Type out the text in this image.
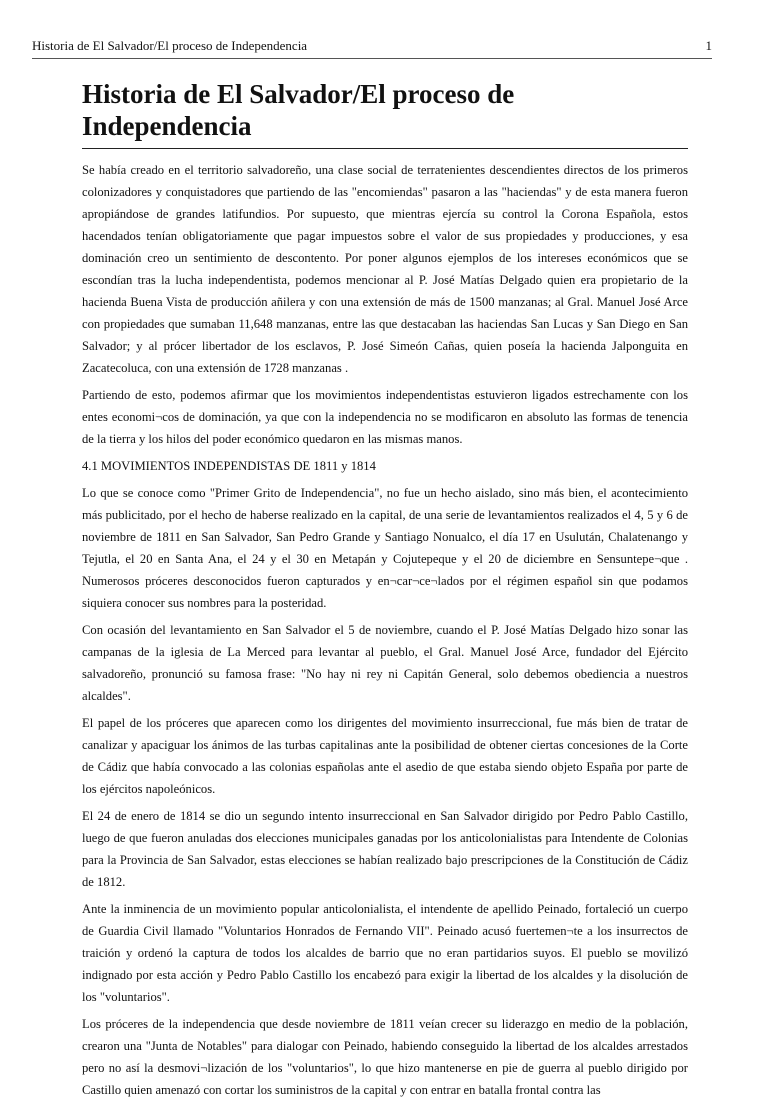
Historia de El Salvador/El proceso de Independencia	1
Historia de El Salvador/El proceso de Independencia

Se había creado en el territorio salvadoreño, una clase social de terratenientes descendientes directos de los primeros colonizadores y conquistadores que partiendo de las "encomiendas" pasaron a las "haciendas" y de esta manera fueron apropiándose de grandes latifundios. Por supuesto, que mientras ejercía su control la Corona Española, estos hacendados tenían obligatoriamente que pagar impuestos sobre el valor de sus propiedades y producciones, y esa dominación creo un sentimiento de descontento. Por poner algunos ejemplos de los intereses económicos que se escondían tras la lucha independentista, podemos mencionar al P. José Matías Delgado quien era propietario de la hacienda Buena Vista de producción añilera y con una extensión de más de 1500 manzanas; al Gral. Manuel José Arce con propiedades que sumaban 11,648 manzanas, entre las que destacaban las haciendas San Lucas y San Diego en San Salvador; y al prócer libertador de los esclavos, P. José Simeón Cañas, quien poseía la hacienda Jalponguita en Zacatecoluca, con una extensión de 1728 manzanas .

Partiendo de esto, podemos afirmar que los movimientos independentistas estuvieron ligados estrechamente con los entes economi¬cos de dominación, ya que con la independencia no se modificaron en absoluto las formas de tenencia de la tierra y los hilos del poder económico quedaron en las mismas manos.

4.1 MOVIMIENTOS INDEPENDISTAS DE 1811 y 1814

Lo que se conoce como "Primer Grito de Independencia", no fue un hecho aislado, sino más bien, el acontecimiento más publicitado, por el hecho de haberse realizado en la capital, de una serie de levantamientos realizados el 4, 5 y 6 de noviembre de 1811 en San Salvador, San Pedro Grande y Santiago Nonualco, el día 17 en Usulután, Chalatenango y Tejutla, el 20 en Santa Ana, el 24 y el 30 en Metapán y Cojutepeque y el 20 de diciembre en Sensuntepe¬que . Numerosos próceres desconocidos fueron capturados y en¬car¬ce¬lados por el régimen español sin que podamos siquiera conocer sus nombres para la posteridad.

Con ocasión del levantamiento en San Salvador el 5 de noviembre, cuando el P. José Matías Delgado hizo sonar las campanas de la iglesia de La Merced para levantar al pueblo, el Gral. Manuel José Arce, fundador del Ejército salvadoreño, pronunció su famosa frase: "No hay ni rey ni Capitán General, solo debemos obediencia a nuestros alcaldes".

El papel de los próceres que aparecen como los dirigentes del movimiento insurreccional, fue más bien de tratar de canalizar y apaciguar los ánimos de las turbas capitalinas ante la posibilidad de obtener ciertas concesiones de la Corte de Cádiz que había convocado a las colonias españolas ante el asedio de que estaba siendo objeto España por parte de los ejércitos napoleónicos.

El 24 de enero de 1814 se dio un segundo intento insurreccional en San Salvador dirigido por Pedro Pablo Castillo, luego de que fueron anuladas dos elecciones municipales ganadas por los anticolonialistas para Intendente de Colonias para la Provincia de San Salvador, estas elecciones se habían realizado bajo prescripciones de la Constitución de Cádiz de 1812.

Ante la inminencia de un movimiento popular anticolonialista, el intendente de apellido Peinado, fortaleció un cuerpo de Guardia Civil llamado "Voluntarios Honrados de Fernando VII". Peinado acusó fuertemen¬te a los insurrectos de traición y ordenó la captura de todos los alcaldes de barrio que no eran partidarios suyos. El pueblo se movilizó indignado por esta acción y Pedro Pablo Castillo los encabezó para exigir la libertad de los alcaldes y la disolución de los "voluntarios".

Los próceres de la independencia que desde noviembre de 1811 veían crecer su liderazgo en medio de la población, crearon una "Junta de Notables" para dialogar con Peinado, habiendo conseguido la libertad de los alcaldes arrestados pero no así la desmovi¬lización de los "voluntarios", lo que hizo mantenerse en pie de guerra al pueblo dirigido por Castillo quien amenazó con cortar los suministros de la capital y con entrar en batalla frontal contra las
